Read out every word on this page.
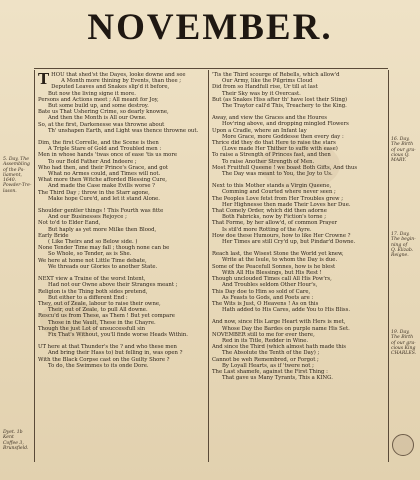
NOVEMBER.

T HOU that shed'st the Dayes, looke downe and see
A Month more thining by Events, than thee ;
Deputed Leaves and Snakes slip'd it before,
But now the living signe it more.
Persons and Actions meet ; All meant for Joy,
But some build up, and some destroy.
Bate us That Ushering Crime, so dearly knowne,
And then the Month is All our Owne.
So, at the first, Darkenesse was throwne about
Th' unshapen Earth, and Light was thence throwne out.

Dim, the first Correlle, and the Scene is then
A Triple Stare of Gold and Troubled men :
Men in whose hands 'twas once of ease 'tis us more
To our Bold Father And Indeere ;
Who had then, and their Prince's Grace, and got
What no Armes could, and Times will not.
What more then Witche afforded Blessing Cure,
And made the Case make Evills worse ?
The Third Day ; throw in the Starr agone,
Make hope Cure'd, and let it stand Alone.

Shoulder gentler things ! This Fourth was fitte
And our Businesses Rejoyce ;
Not to'd to Elder Eand,
But haply as yet more Milke then Blood,
Early Bride
( Like Theirs and so Below side. )
None Tender Time may fall ; though none can be
So Whole, so Tender, as is She.
We here at home not Little Time debate,
We threads our Glories to another State.

NEXT view a Traine of the worst Intent,
Had not our Owne above their Stranges meant ;
Religion is the Thing both sides pretend,
But either to a different End :
They, out of Zeale, labour to raise their owne,
Their, out of Zeale, to pull All downe.
Rescu'd us from These, as Them ! But yet compare
Those in the Vault, These in the Chayre.
Though the just Lot of unsuccessfull sin
Fix That's Without, you'll finde worse Heads Within.

UT here at that Thunder's the ? and who these men
And bring their Hass to) but felling in, was open ?
With the Black Corpse cast on the Guilty Shore ?
To do, the Swimmes to its onde Dore.

'Tis the Third scourge of Rebells, which allow'd
Our Army, like the Pilgrims Cloud
Did from so Handfull rise, Ur till at last
Their Sky was by it Overcast.
But (as Snakes Hiss after th' have lost their Sting)
The Traytor call'd This, Treachery to the King.

Away, and view the Graces and the Houres
Hov'ring above, and dropping mingled Flowers
Upon a Cradle, where an Infant lay
More Grace, more Goddesse then every day :
Thrice did they do that Here to raise the stars
(Love made Her Thither to suffe with ease)
To raise a Strength of Princes fast, and then
To raise Another Strength of Men.
Most Fruitfull Queene ! we boast Both Gifts, And thus
The Day was meant to You, the Joy to Us.

Next to this Mother stands a Virgin Queene,
Comming and Courted where never seen ;
The Peoples Love fetst from Her Troubles grew ;
Her Highnesse then made Their Loves her Due.
That Comely Order, which did then adorne
Both Fabricks, now by Fiction's torne ;
That Forme, by her allow'd, of common Prayer
Is stil'd more Rotting of the Ayre.
How doe these Humours, how to like Her Crowne ?
Her Times are still Cry'd up, but Pindar'd Downe.

Reach last, the Wisest Stone the World yet knew,
Write at the Isule, to whom the Day is due.
Some of the Peacefull Sonnes, how is he blest
With All His Blessings, but His Rest !
Though unclouded Times call All His Pow'rs,
And Troubles seldom Other Hour's,
This Day doe to Him so sold of Care,
As Feasts to Gods, and Poets are :
The Wits is Just, O Heavens ! As on this
Hath added to His Cares, adde You to His Bliss.

And now, since His Large Heart with Hers is met,
Whose Day the Bardes on purple name His Set.
NOVEMBER still to me for ever there,
Red in its Title, Redder in Wine.
And since the Third (which almost hath made this
The Absolute the Tenth of the Day) ;
Cannot be weh Remembred, or Forgot ;
By Loyall Hearts, as if 'twere not ;
The Last shamefe, against the First Thing :
That gave us Many Tyrants, This a KING.

5. Day, The
Assembling
of the Ps-
liament, 1640.
Powder-Tre-
lason.
Dyet. 1b
Kent
Coffee 3,
Brunsfield.
16. Day,
The Birth
of our gra-
cious Q.
MARY.
17. Day,
The begin-
ning of
Q. Elizab.
Reigne.
19. Day,
The Birth
of our gra-
cious King
CHARLES.
